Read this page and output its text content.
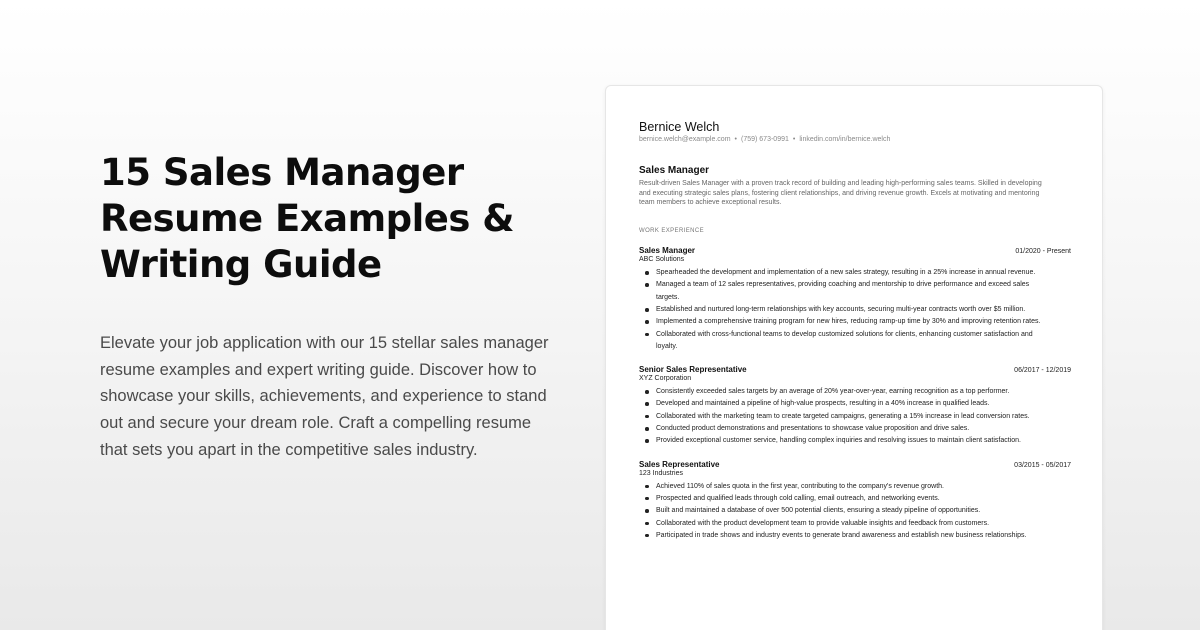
15 Sales Manager
Resume Examples &
Writing Guide

Elevate your job application with our 15 stellar sales manager resume examples and expert writing guide. Discover how to showcase your skills, achievements, and experience to stand out and secure your dream role. Craft a compelling resume that sets you apart in the competitive sales industry.

Bernice Welch
bernice.welch@example.com • (759) 673-0991 • linkedin.com/in/bernice.welch
Sales Manager
Result-driven Sales Manager with a proven track record of building and leading high-performing sales teams. Skilled in developing and executing strategic sales plans, fostering client relationships, and driving revenue growth. Excels at motivating and mentoring team members to achieve exceptional results.
WORK EXPERIENCE
Sales Manager	01/2020 - Present
ABC Solutions
Spearheaded the development and implementation of a new sales strategy, resulting in a 25% increase in annual revenue.
Managed a team of 12 sales representatives, providing coaching and mentorship to drive performance and exceed sales targets.
Established and nurtured long-term relationships with key accounts, securing multi-year contracts worth over $5 million.
Implemented a comprehensive training program for new hires, reducing ramp-up time by 30% and improving retention rates.
Collaborated with cross-functional teams to develop customized solutions for clients, enhancing customer satisfaction and loyalty.
Senior Sales Representative	06/2017 - 12/2019
XYZ Corporation
Consistently exceeded sales targets by an average of 20% year-over-year, earning recognition as a top performer.
Developed and maintained a pipeline of high-value prospects, resulting in a 40% increase in qualified leads.
Collaborated with the marketing team to create targeted campaigns, generating a 15% increase in lead conversion rates.
Conducted product demonstrations and presentations to showcase value proposition and drive sales.
Provided exceptional customer service, handling complex inquiries and resolving issues to maintain client satisfaction.
Sales Representative	03/2015 - 05/2017
123 Industries
Achieved 110% of sales quota in the first year, contributing to the company's revenue growth.
Prospected and qualified leads through cold calling, email outreach, and networking events.
Built and maintained a database of over 500 potential clients, ensuring a steady pipeline of opportunities.
Collaborated with the product development team to provide valuable insights and feedback from customers.
Participated in trade shows and industry events to generate brand awareness and establish new business relationships.
